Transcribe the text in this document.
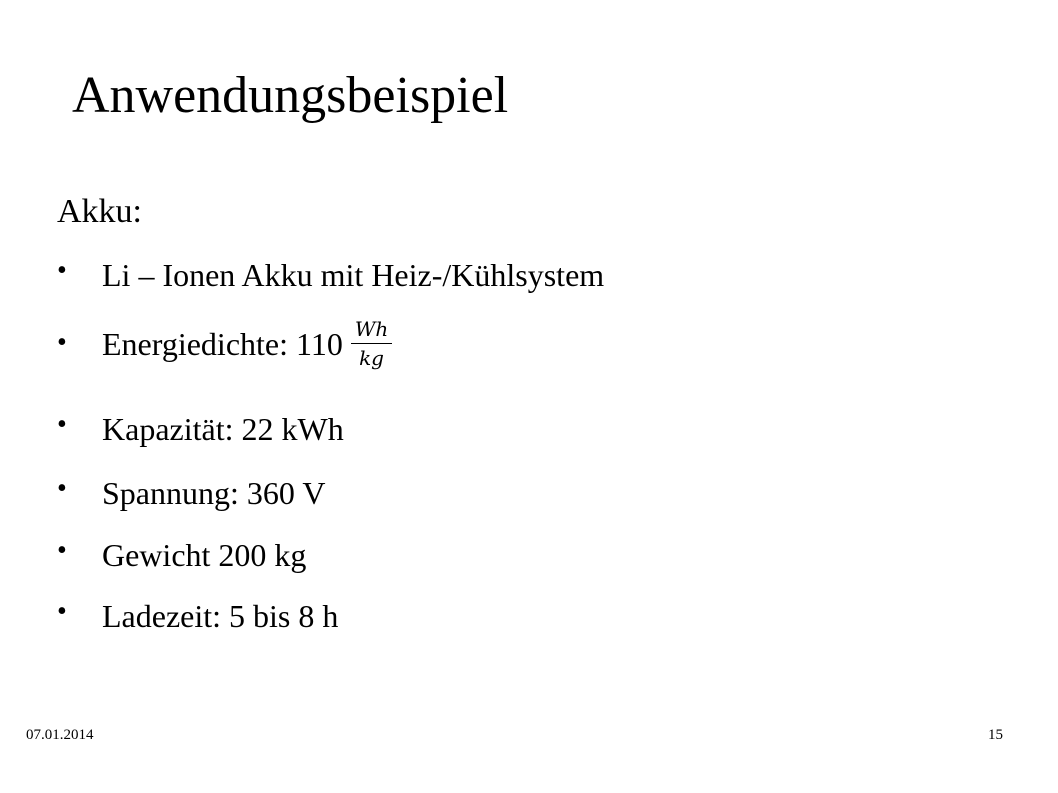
Anwendungsbeispiel
Akku:
• Li – Ionen Akku mit Heiz-/Kühlsystem
• Energiedichte: $110 \frac{Wh}{kg}$
• Kapazität: 22 kWh
• Spannung: 360 V
• Gewicht 200 kg
• Ladezeit: 5 bis 8 h
07.01.2014	15
